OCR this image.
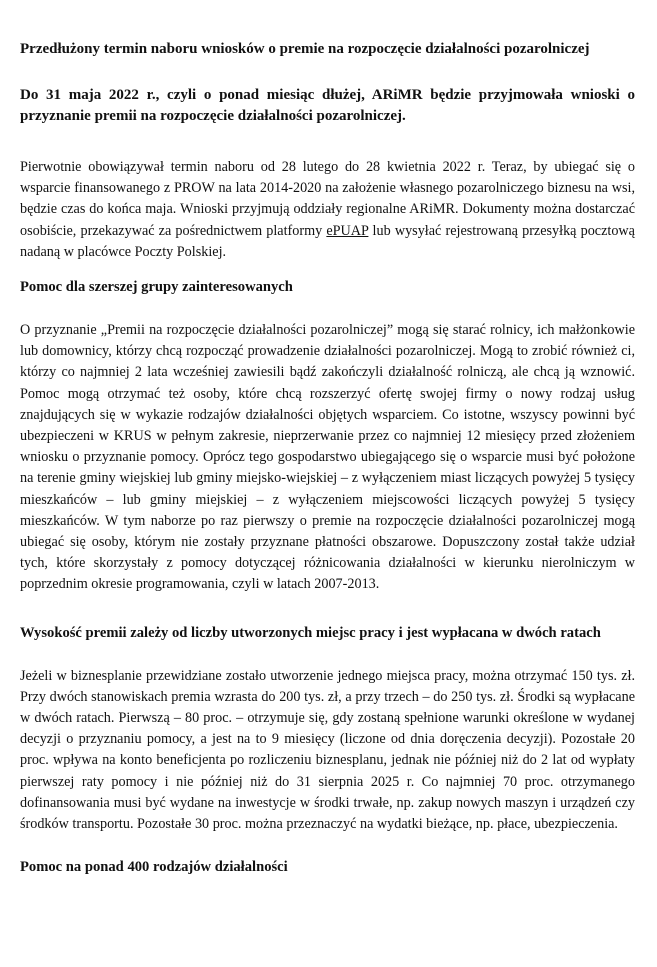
Przedłużony termin naboru wniosków o premie na rozpoczęcie działalności pozarolniczej
Do 31 maja 2022 r., czyli o ponad miesiąc dłużej, ARiMR będzie przyjmowała wnioski o przyznanie premii na rozpoczęcie działalności pozarolniczej.

Pierwotnie obowiązywał termin naboru od 28 lutego do 28 kwietnia 2022 r. Teraz, by ubiegać się o wsparcie finansowanego z PROW na lata 2014-2020 na założenie własnego pozarolniczego biznesu na wsi, będzie czas do końca maja. Wnioski przyjmują oddziały regionalne ARiMR. Dokumenty można dostarczać osobiście, przekazywać za pośrednictwem platformy ePUAP lub wysyłać rejestrowaną przesyłką pocztową nadaną w placówce Poczty Polskiej.

Pomoc dla szerszej grupy zainteresowanych

O przyznanie „Premii na rozpoczęcie działalności pozarolniczej” mogą się starać rolnicy, ich małżonkowie lub domownicy, którzy chcą rozpocząć prowadzenie działalności pozarolniczej. Mogą to zrobić również ci, którzy co najmniej 2 lata wcześniej zawiesili bądź zakończyli działalność rolniczą, ale chcą ją wznowić. Pomoc mogą otrzymać też osoby, które chcą rozszerzyć ofertę swojej firmy o nowy rodzaj usług znajdujących się w wykazie rodzajów działalności objętych wsparciem. Co istotne, wszyscy powinni być ubezpieczeni w KRUS w pełnym zakresie, nieprzerwanie przez co najmniej 12 miesięcy przed złożeniem wniosku o przyznanie pomocy. Oprócz tego gospodarstwo ubiegającego się o wsparcie musi być położone na terenie gminy wiejskiej lub gminy miejsko-wiejskiej – z wyłączeniem miast liczących powyżej 5 tysięcy mieszkańców – lub gminy miejskiej – z wyłączeniem miejscowości liczących powyżej 5 tysięcy mieszkańców. W tym naborze po raz pierwszy o premie na rozpoczęcie działalności pozarolniczej mogą ubiegać się osoby, którym nie zostały przyznane płatności obszarowe. Dopuszczony został także udział tych, które skorzystały z pomocy dotyczącej różnicowania działalności w kierunku nierolniczym w poprzednim okresie programowania, czyli w latach 2007-2013.

Wysokość premii zależy od liczby utworzonych miejsc pracy i jest wypłacana w dwóch ratach

Jeżeli w biznesplanie przewidziane zostało utworzenie jednego miejsca pracy, można otrzymać 150 tys. zł. Przy dwóch stanowiskach premia wzrasta do 200 tys. zł, a przy trzech – do 250 tys. zł. Środki są wypłacane w dwóch ratach. Pierwszą – 80 proc. – otrzymuje się, gdy zostaną spełnione warunki określone w wydanej decyzji o przyznaniu pomocy, a jest na to 9 miesięcy (liczone od dnia doręczenia decyzji). Pozostałe 20 proc. wpływa na konto beneficjenta po rozliczeniu biznesplanu, jednak nie później niż do 2 lat od wypłaty pierwszej raty pomocy i nie później niż do 31 sierpnia 2025 r. Co najmniej 70 proc. otrzymanego dofinansowania musi być wydane na inwestycje w środki trwałe, np. zakup nowych maszyn i urządzeń czy środków transportu. Pozostałe 30 proc. można przeznaczyć na wydatki bieżące, np. płace, ubezpieczenia.

Pomoc na ponad 400 rodzajów działalności
